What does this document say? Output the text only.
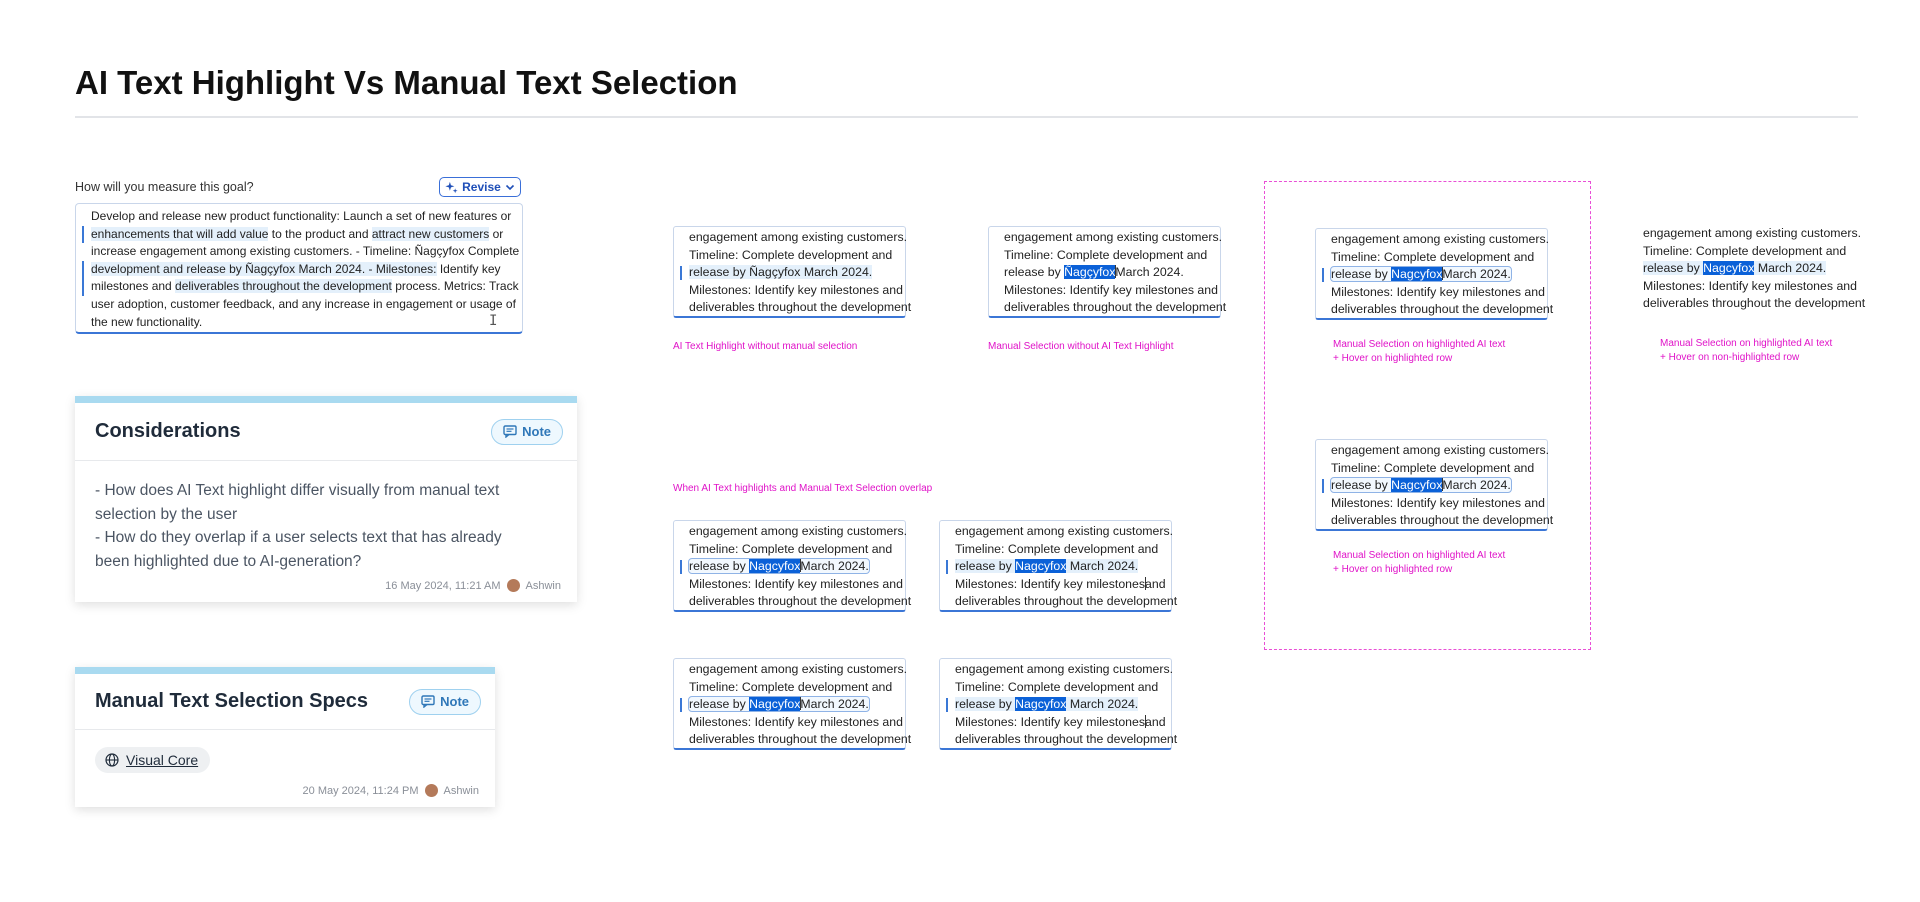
AI Text Highlight Vs Manual Text Selection
How will you measure this goal?	Revise
Develop and release new product functionality: Launch a set of new features or
enhancements that will add value to the product and attract new customers or
increase engagement among existing customers. - Timeline: Ñagçyfox Complete
development and release by Ñagçyfox March 2024. - Milestones: Identify key
milestones and deliverables throughout the development process. Metrics: Track
user adoption, customer feedback, and any increase in engagement or usage of
the new functionality.	I
Considerations	Note
- How does AI Text highlight differ visually from manual text
selection by the user
- How do they overlap if a user selects text that has already
been highlighted due to AI-generation?
16 May 2024, 11:21 AM Ashwin
Manual Text Selection Specs	Note
Visual Core
20 May 2024, 11:24 PM Ashwin
engagement among existing customers.
Timeline: Complete development and
release by Ñagçyfox March 2024.
Milestones: Identify key milestones and
deliverables throughout the development
AI Text Highlight without manual selection
engagement among existing customers.
Timeline: Complete development and
release by ÑagçyfoxMarch 2024.
Milestones: Identify key milestones and
deliverables throughout the development
Manual Selection without AI Text Highlight
engagement among existing customers.
Timeline: Complete development and
release by NagcyfoxMarch 2024.
Milestones: Identify key milestones and
deliverables throughout the development
Manual Selection on highlighted AI text
+ Hover on highlighted row
engagement among existing customers.
Timeline: Complete development and
release by NagcyfoxMarch 2024.
Milestones: Identify key milestones and
deliverables throughout the development
Manual Selection on highlighted AI text
+ Hover on highlighted row
engagement among existing customers.
Timeline: Complete development and
release by Nagcyfox March 2024.
Milestones: Identify key milestones and
deliverables throughout the development
Manual Selection on highlighted AI text
+ Hover on non-highlighted row
When AI Text highlights and Manual Text Selection overlap
engagement among existing customers.
Timeline: Complete development and
release by NagcyfoxMarch 2024.
Milestones: Identify key milestones and
deliverables throughout the development
engagement among existing customers.
Timeline: Complete development and
release by Nagcyfox March 2024.
Milestones: Identify key milestonesand
deliverables throughout the development
engagement among existing customers.
Timeline: Complete development and
release by NagcyfoxMarch 2024.
Milestones: Identify key milestones and
deliverables throughout the development
engagement among existing customers.
Timeline: Complete development and
release by Nagcyfox March 2024.
Milestones: Identify key milestonesand
deliverables throughout the development
